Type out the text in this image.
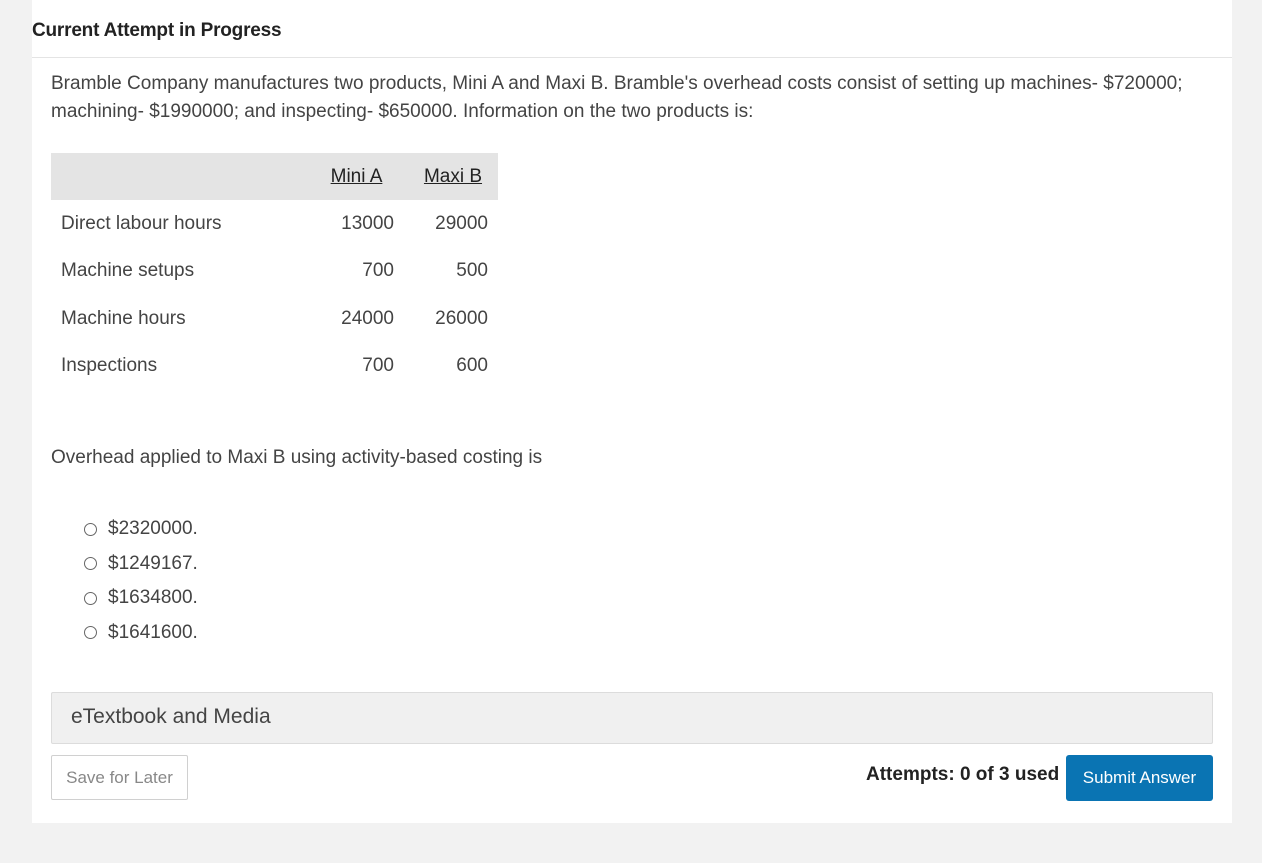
Current Attempt in Progress
Bramble Company manufactures two products, Mini A and Maxi B. Bramble's overhead costs consist of setting up machines- $720000; machining- $1990000; and inspecting- $650000. Information on the two products is:
	Mini A		Maxi B
Direct labour hours	13000		29000
Machine setups	700		500
Machine hours	24000		26000
Inspections	700		600
Overhead applied to Maxi B using activity-based costing is
$2320000.
$1249167.
$1634800.
$1641600.
eTextbook and Media
Save for Later	Attempts: 0 of 3 used	Submit Answer
